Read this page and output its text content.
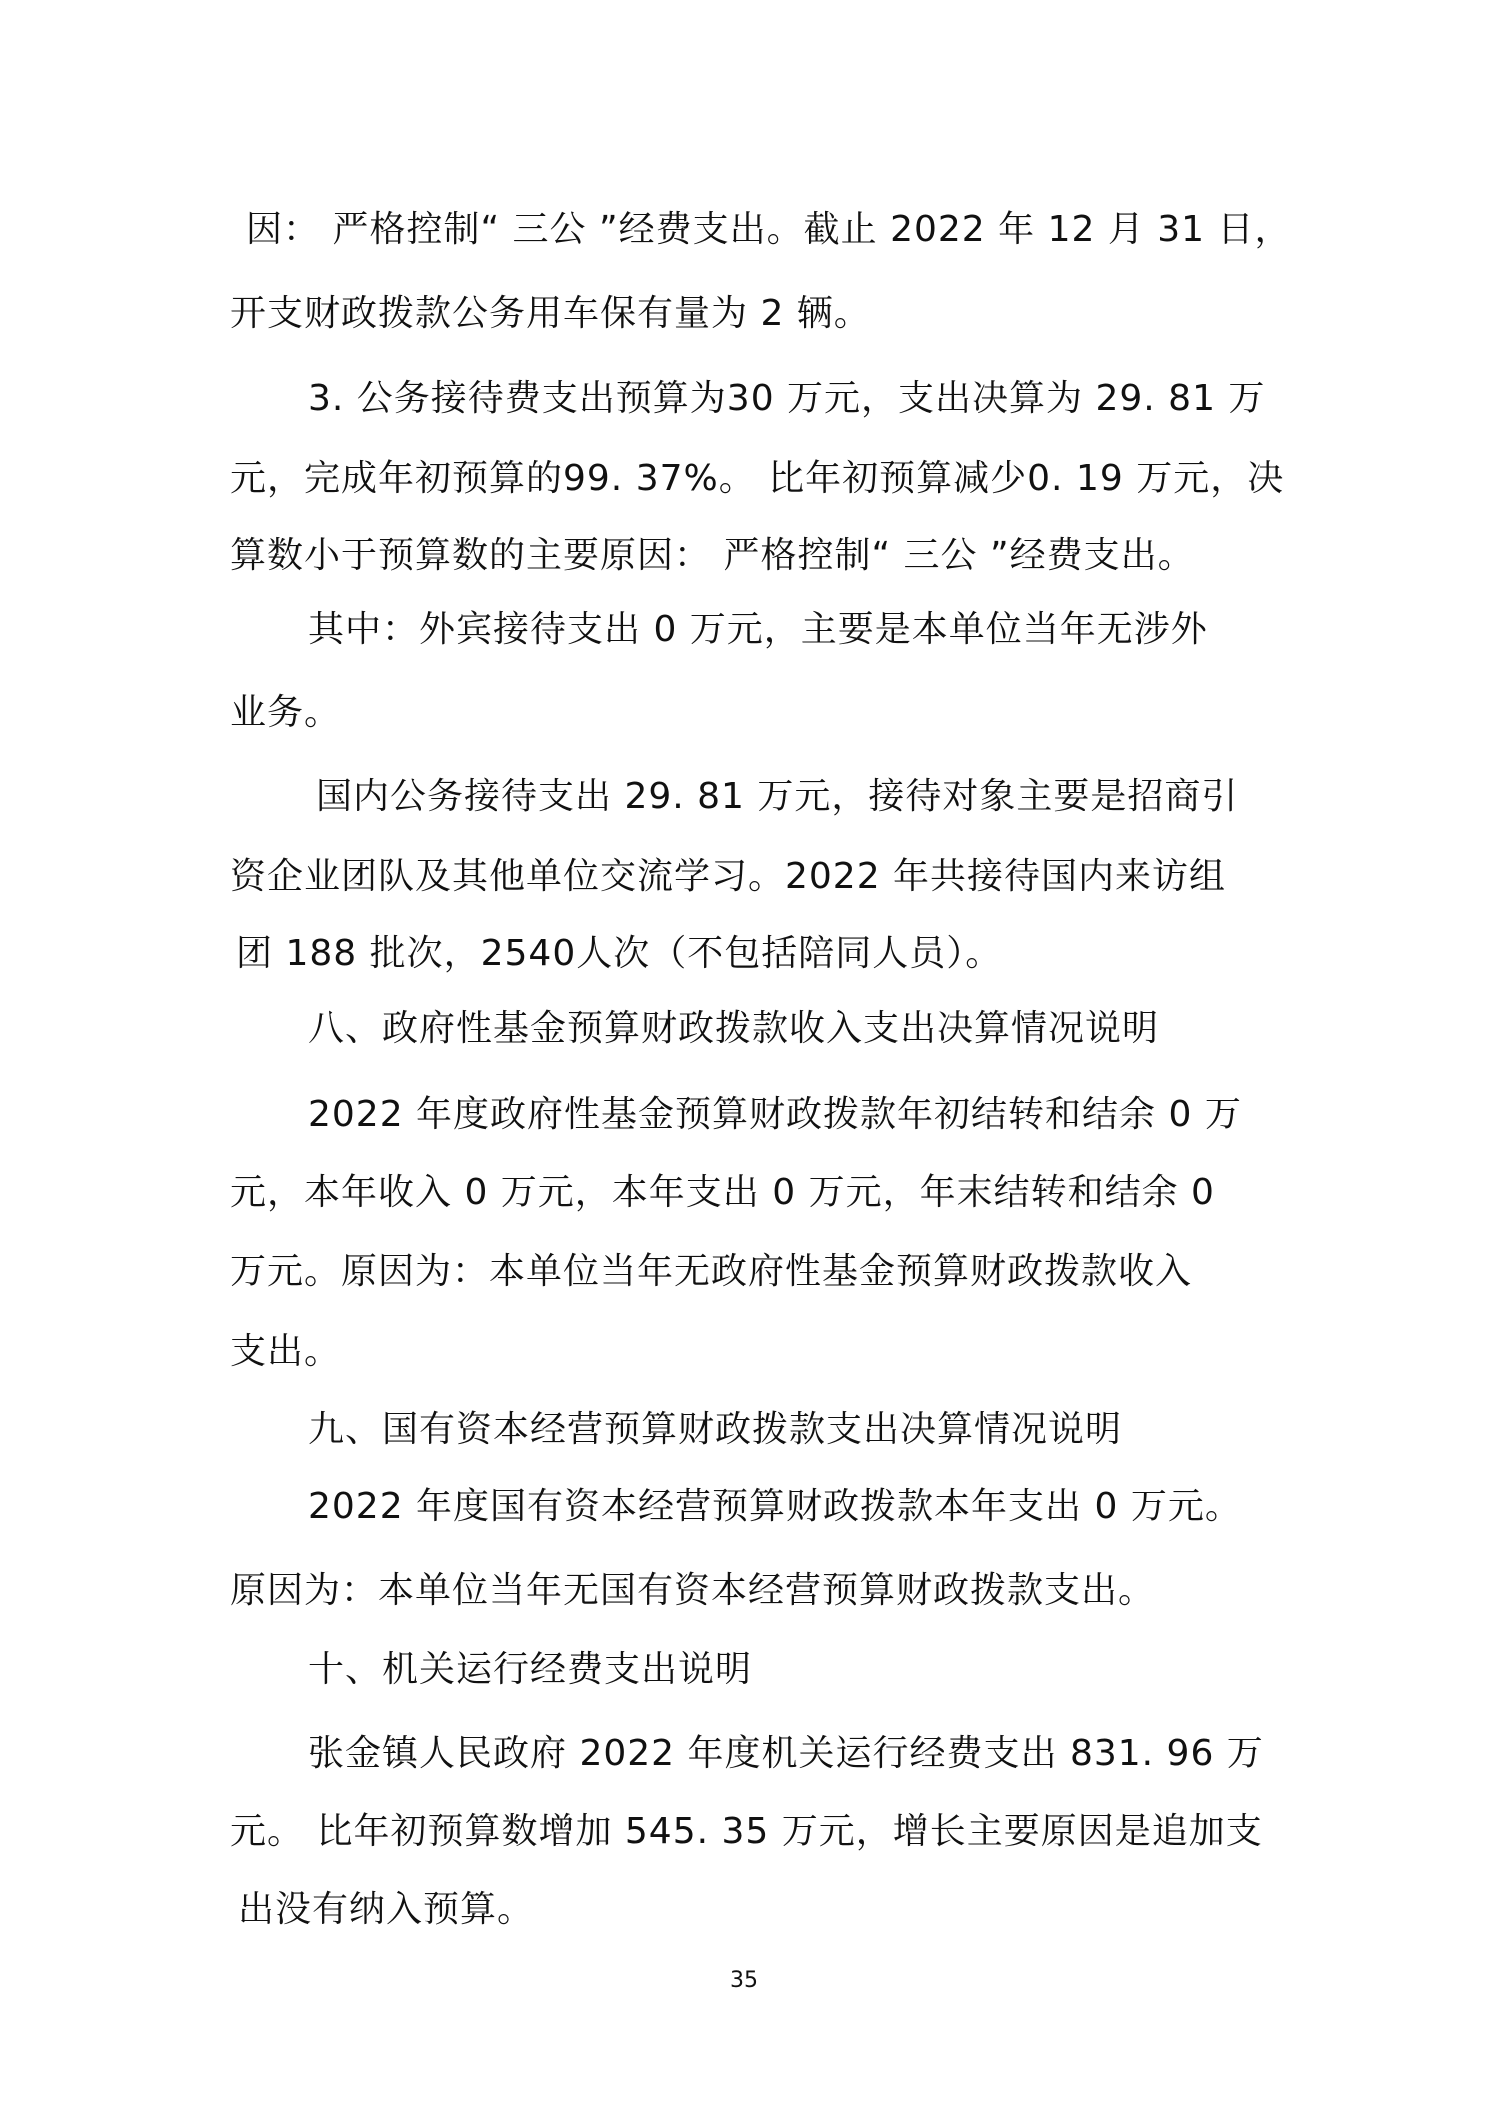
因： 严格控制“ 三公 ”经费支出。截止 2022 年 12 月 31 日，
开支财政拨款公务用车保有量为 2 辆。
3. 公务接待费支出预算为30 万元，支出决算为 29. 81 万
元，完成年初预算的99. 37%。 比年初预算减少0. 19 万元，决
算数小于预算数的主要原因： 严格控制“ 三公 ”经费支出。
其中：外宾接待支出 0 万元，主要是本单位当年无涉外
业务。
国内公务接待支出 29. 81 万元，接待对象主要是招商引
资企业团队及其他单位交流学习。2022 年共接待国内来访组
团 188 批次，2540人次（不包括陪同人员）。
八、政府性基金预算财政拨款收入支出决算情况说明
2022 年度政府性基金预算财政拨款年初结转和结余 0 万
元，本年收入 0 万元，本年支出 0 万元，年末结转和结余 0
万元。原因为：本单位当年无政府性基金预算财政拨款收入
支出。
九、国有资本经营预算财政拨款支出决算情况说明
2022 年度国有资本经营预算财政拨款本年支出 0 万元。
原因为：本单位当年无国有资本经营预算财政拨款支出。
十、机关运行经费支出说明
张金镇人民政府 2022 年度机关运行经费支出 831. 96 万
元。 比年初预算数增加 545. 35 万元，增长主要原因是追加支
出没有纳入预算。
35
